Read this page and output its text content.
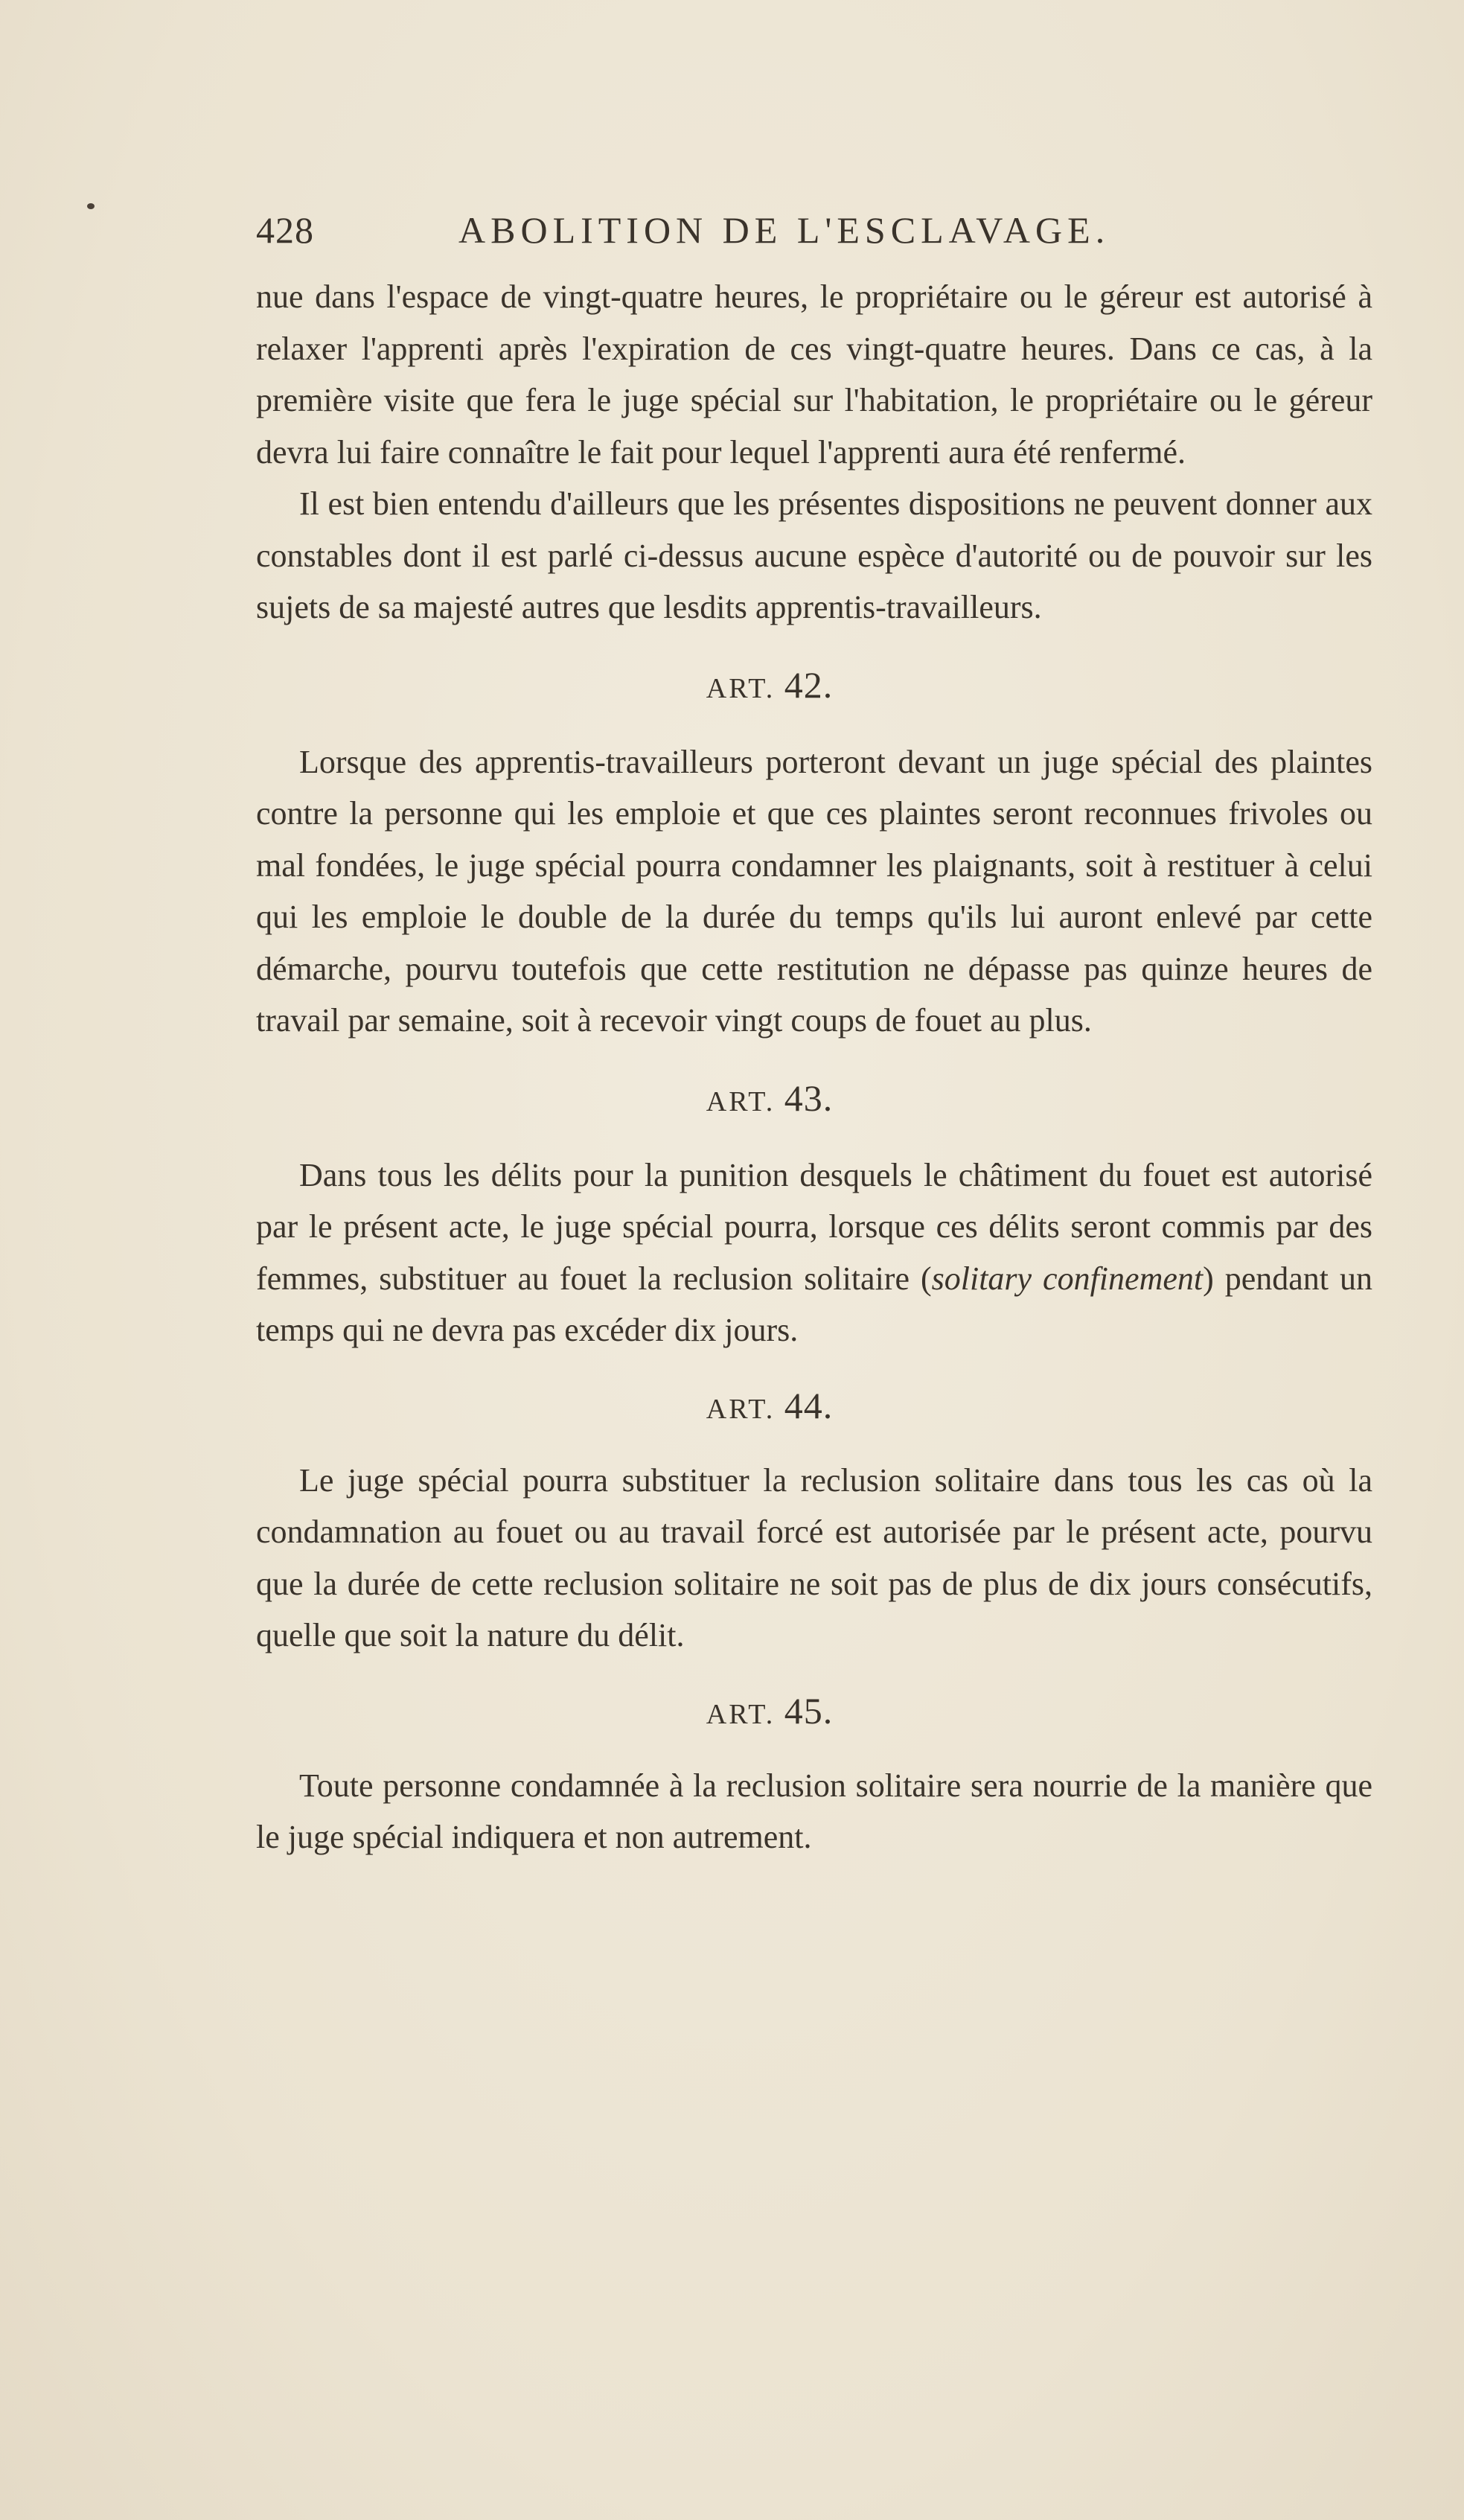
428	ABOLITION DE L'ESCLAVAGE.

nue dans l'espace de vingt-quatre heures, le propriétaire ou le gérеur est autorisé à relaxer l'apprenti après l'expiration de ces vingt-quatre heures. Dans ce cas, à la première visite que fera le juge spécial sur l'habitation, le propriétaire ou le géreur devra lui faire connaître le fait pour lequel l'apprenti aura été renfermé.

Il est bien entendu d'ailleurs que les présentes dispositions ne peuvent donner aux constables dont il est parlé ci-dessus aucune espèce d'autorité ou de pouvoir sur les sujets de sa majesté autres que lesdits apprentis-travailleurs.

ART. 42.

Lorsque des apprentis-travailleurs porteront devant un juge spécial des plaintes contre la personne qui les emploie et que ces plaintes seront reconnues frivoles ou mal fondées, le juge spécial pourra condamner les plaignants, soit à restituer à celui qui les emploie le double de la durée du temps qu'ils lui auront enlevé par cette démarche, pourvu toutefois que cette restitution ne dépasse pas quinze heures de travail par semaine, soit à recevoir vingt coups de fouet au plus.

ART. 43.

Dans tous les délits pour la punition desquels le châtiment du fouet est autorisé par le présent acte, le juge spécial pourra, lorsque ces délits seront commis par des femmes, substituer au fouet la reclusion solitaire (solitary confinement) pendant un temps qui ne devra pas excéder dix jours.

ART. 44.

Le juge spécial pourra substituer la reclusion solitaire dans tous les cas où la condamnation au fouet ou au travail forcé est autorisée par le présent acte, pourvu que la durée de cette reclusion solitaire ne soit pas de plus de dix jours consécutifs, quelle que soit la nature du délit.

ART. 45.

Toute personne condamnée à la reclusion solitaire sera nourrie de la manière que le juge spécial indiquera et non autrement.
